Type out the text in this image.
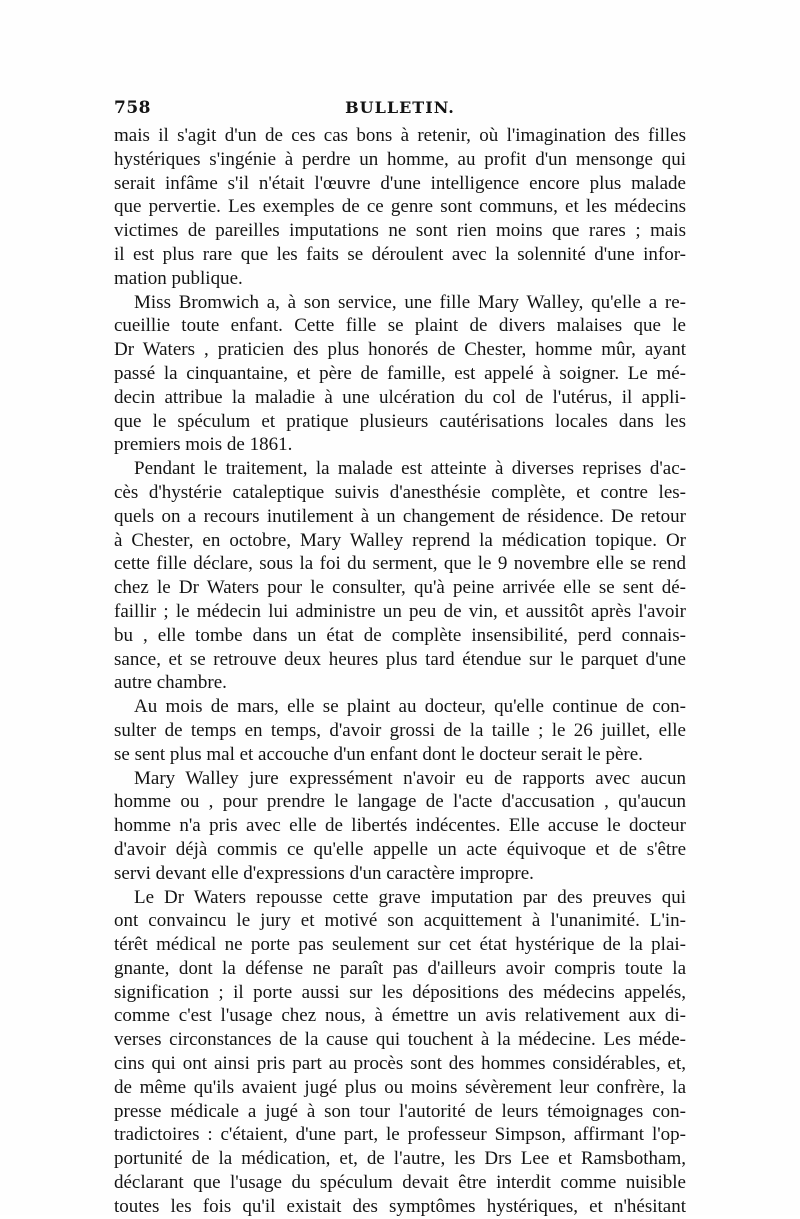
758	BULLETIN.
mais il s'agit d'un de ces cas bons à retenir, où l'imagination des filles
hystériques s'ingénie à perdre un homme, au profit d'un mensonge qui
serait infâme s'il n'était l'œuvre d'une intelligence encore plus malade
que pervertie. Les exemples de ce genre sont communs, et les médecins
victimes de pareilles imputations ne sont rien moins que rares ; mais
il est plus rare que les faits se déroulent avec la solennité d'une infor-
mation publique.
Miss Bromwich a, à son service, une fille Mary Walley, qu'elle a re-
cueillie toute enfant. Cette fille se plaint de divers malaises que le
Dr Waters , praticien des plus honorés de Chester, homme mûr, ayant
passé la cinquantaine, et père de famille, est appelé à soigner. Le mé-
decin attribue la maladie à une ulcération du col de l'utérus, il appli-
que le spéculum et pratique plusieurs cautérisations locales dans les
premiers mois de 1861.
Pendant le traitement, la malade est atteinte à diverses reprises d'ac-
cès d'hystérie cataleptique suivis d'anesthésie complète, et contre les-
quels on a recours inutilement à un changement de résidence. De retour
à Chester, en octobre, Mary Walley reprend la médication topique. Or
cette fille déclare, sous la foi du serment, que le 9 novembre elle se rend
chez le Dr Waters pour le consulter, qu'à peine arrivée elle se sent dé-
faillir ; le médecin lui administre un peu de vin, et aussitôt après l'avoir
bu , elle tombe dans un état de complète insensibilité, perd connais-
sance, et se retrouve deux heures plus tard étendue sur le parquet d'une
autre chambre.
Au mois de mars, elle se plaint au docteur, qu'elle continue de con-
sulter de temps en temps, d'avoir grossi de la taille ; le 26 juillet, elle
se sent plus mal et accouche d'un enfant dont le docteur serait le père.
Mary Walley jure expressément n'avoir eu de rapports avec aucun
homme ou , pour prendre le langage de l'acte d'accusation , qu'aucun
homme n'a pris avec elle de libertés indécentes. Elle accuse le docteur
d'avoir déjà commis ce qu'elle appelle un acte équivoque et de s'être
servi devant elle d'expressions d'un caractère impropre.
Le Dr Waters repousse cette grave imputation par des preuves qui
ont convaincu le jury et motivé son acquittement à l'unanimité. L'in-
térêt médical ne porte pas seulement sur cet état hystérique de la plai-
gnante, dont la défense ne paraît pas d'ailleurs avoir compris toute la
signification ; il porte aussi sur les dépositions des médecins appelés,
comme c'est l'usage chez nous, à émettre un avis relativement aux di-
verses circonstances de la cause qui touchent à la médecine. Les méde-
cins qui ont ainsi pris part au procès sont des hommes considérables, et,
de même qu'ils avaient jugé plus ou moins sévèrement leur confrère, la
presse médicale a jugé à son tour l'autorité de leurs témoignages con-
tradictoires : c'étaient, d'une part, le professeur Simpson, affirmant l'op-
portunité de la médication, et, de l'autre, les Drs Lee et Ramsbotham,
déclarant que l'usage du spéculum devait être interdit comme nuisible
toutes les fois qu'il existait des symptômes hystériques, et n'hésitant
